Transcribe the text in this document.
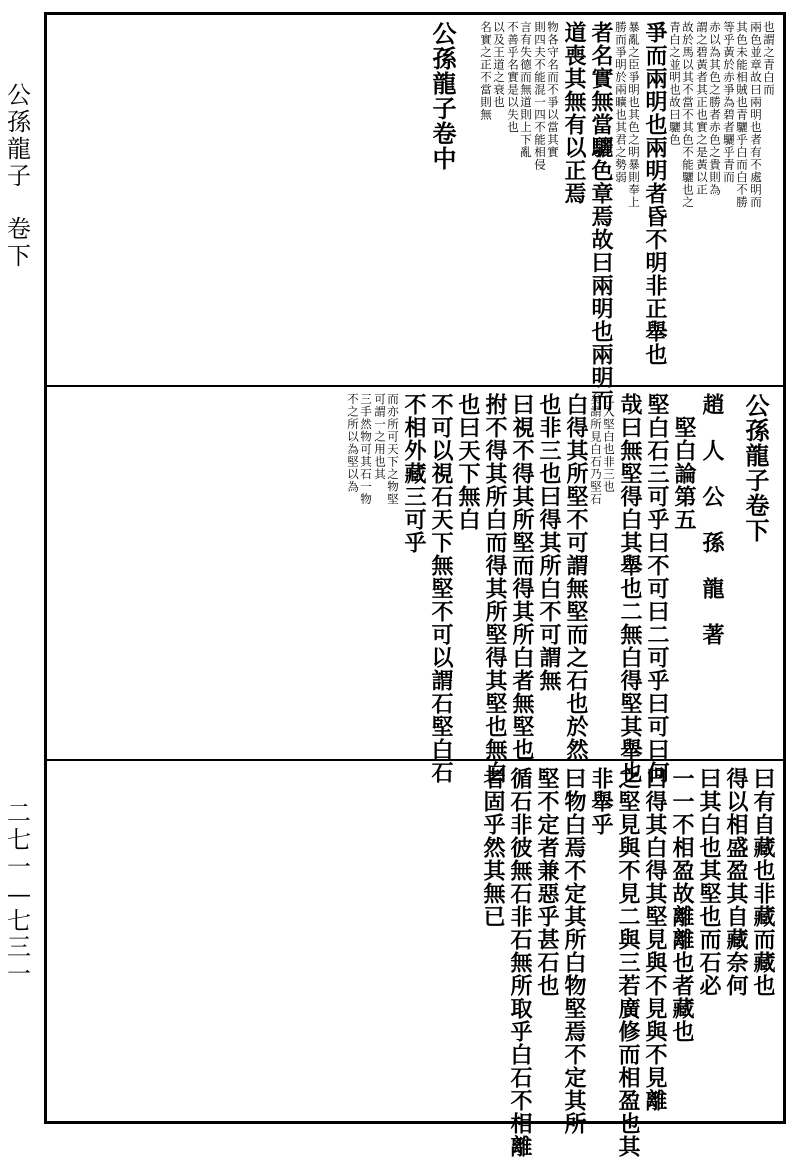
公
孫
龍
子

卷
下
二
七
一
—
七
三
一
也謂之青白而
兩色並章故曰兩明也者有不處明而
其色未能相賊也青驪乎白而白不勝
等乎黃於赤爭為碧者驪乎青而
赤以為其色之勝者赤色之貴則為
謂之碧黃者其正也實之是黃以正
故於馬以其不當不其色不能驪也之
青白之並明也故曰驪色
爭而兩明也兩明者昏不明非正舉也
暴亂之臣爭明也其色之明暴則奉上
勝而爭明於兩曠也其君之勢弱
者名實無當驪色章焉故曰兩明也兩明而
道喪其無有以正焉
物各守名而不爭以當其實
則四夫不能混一四不能相侵
言有失德而無道則上下亂
不善乎名實是以失也
以及王道之衰也
名實之正不當則無
公孫龍子卷中
公孫龍子卷下
趙　人　公　孫　龍　著
　堅白論第五
堅白石三可乎曰不可曰二可乎曰可曰何
哉曰無堅得白其舉也二無白得堅其舉也
二入堅白也非三也
矣謂所見白石乃堅石
白得其所堅不可謂無堅而之石也於然
也非三也曰得其所白不可謂無
曰視不得其所堅而得其所白者無堅也
拊不得其所白而得其所堅得其堅也無白
也曰天下無白
不可以視石天下無堅不可以謂石堅白石
不相外藏三可乎
而亦所可天下之物堅
可謂一之用也其
三手然物可其石一物
不之所以為堅以為
曰有自藏也非藏而藏也
得以相盛盈其自藏奈何
曰其白也其堅也而石必
一一不相盈故離離也者藏也
曰得其白得其堅見與不見與不見離
之堅見與不見二與三若廣修而相盈也其
非舉乎
曰物白焉不定其所白物堅焉不定其所
堅不定者兼惡乎甚石也
循石非彼無石非石無所取乎白石不相離
者固乎然其無已
